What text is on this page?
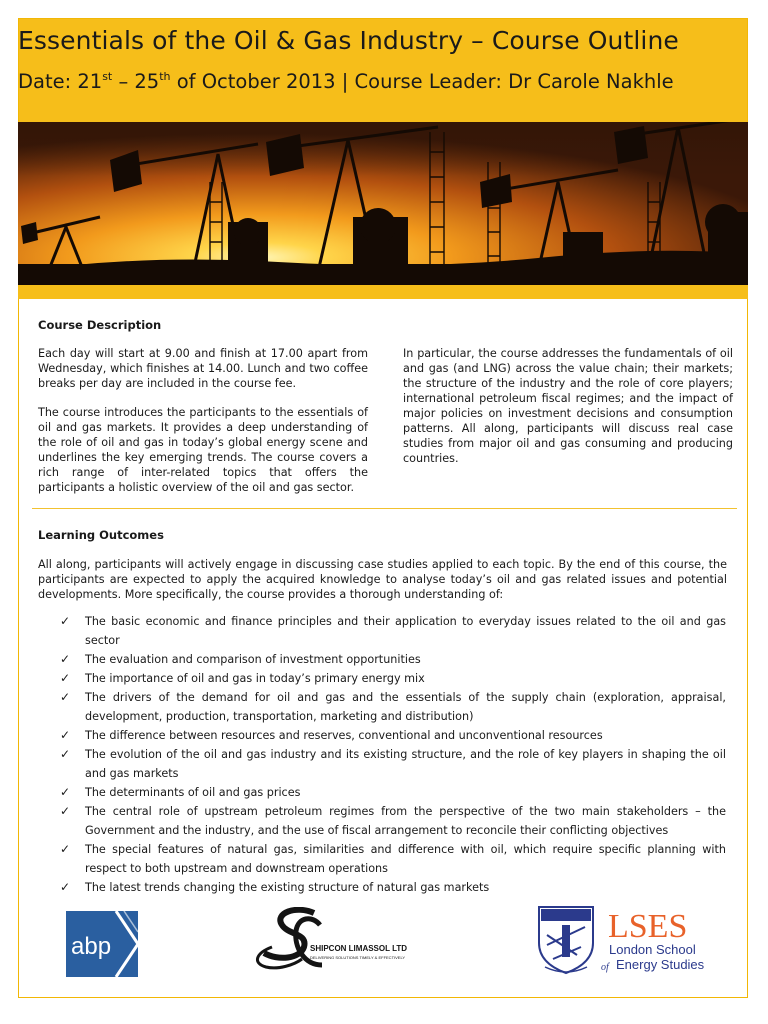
Essentials of the Oil & Gas Industry – Course Outline
Date: 21st – 25th of October 2013 | Course Leader: Dr Carole Nakhle
Course Description

Each day will start at 9.00 and finish at 17.00 apart from Wednesday, which finishes at 14.00. Lunch and two coffee breaks per day are included in the course fee.

The course introduces the participants to the essentials of oil and gas markets. It provides a deep understanding of the role of oil and gas in today’s global energy scene and underlines the key emerging trends. The course covers a rich range of inter-related topics that offers the participants a holistic overview of the oil and gas sector.

In particular, the course addresses the fundamentals of oil and gas (and LNG) across the value chain; their markets; the structure of the industry and the role of core players; international petroleum fiscal regimes; and the impact of major policies on investment decisions and consumption patterns. All along, participants will discuss real case studies from major oil and gas consuming and producing countries.

Learning Outcomes

All along, participants will actively engage in discussing case studies applied to each topic. By the end of this course, the participants are expected to apply the acquired knowledge to analyse today’s oil and gas related issues and potential developments. More specifically, the course provides a thorough understanding of:

✓ The basic economic and finance principles and their application to everyday issues related to the oil and gas sector
✓ The evaluation and comparison of investment opportunities
✓ The importance of oil and gas in today’s primary energy mix
✓ The drivers of the demand for oil and gas and the essentials of the supply chain (exploration, appraisal, development, production, transportation, marketing and distribution)
✓ The difference between resources and reserves, conventional and unconventional resources
✓ The evolution of the oil and gas industry and its existing structure, and the role of key players in shaping the oil and gas markets
✓ The determinants of oil and gas prices
✓ The central role of upstream petroleum regimes from the perspective of the two main stakeholders – the Government and the industry, and the use of fiscal arrangement to reconcile their conflicting objectives
✓ The special features of natural gas, similarities and difference with oil, which require specific planning with respect to both upstream and downstream operations
✓ The latest trends changing the existing structure of natural gas markets
abp	SHIPCON LIMASSOL LTD
DELIVERING SOLUTIONS TIMELY & EFFECTIVELY
LSES
London School
of Energy Studies
